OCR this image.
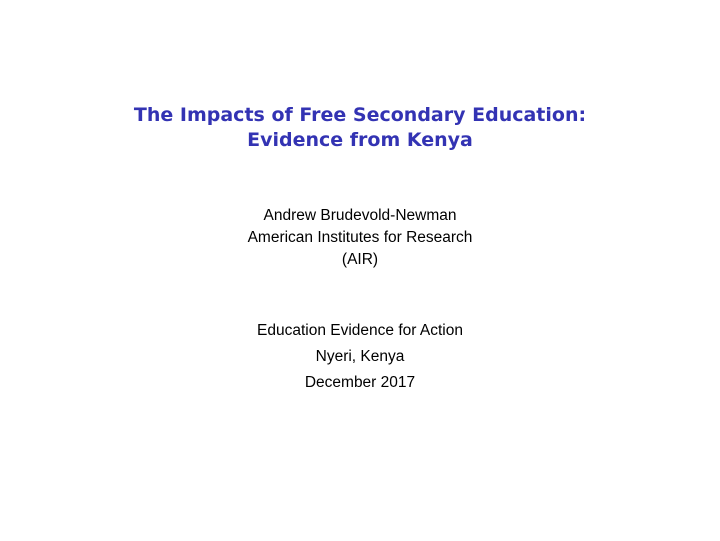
The Impacts of Free Secondary Education:
Evidence from Kenya
Andrew Brudevold-Newman
American Institutes for Research
(AIR)
Education Evidence for Action
Nyeri, Kenya
December 2017
